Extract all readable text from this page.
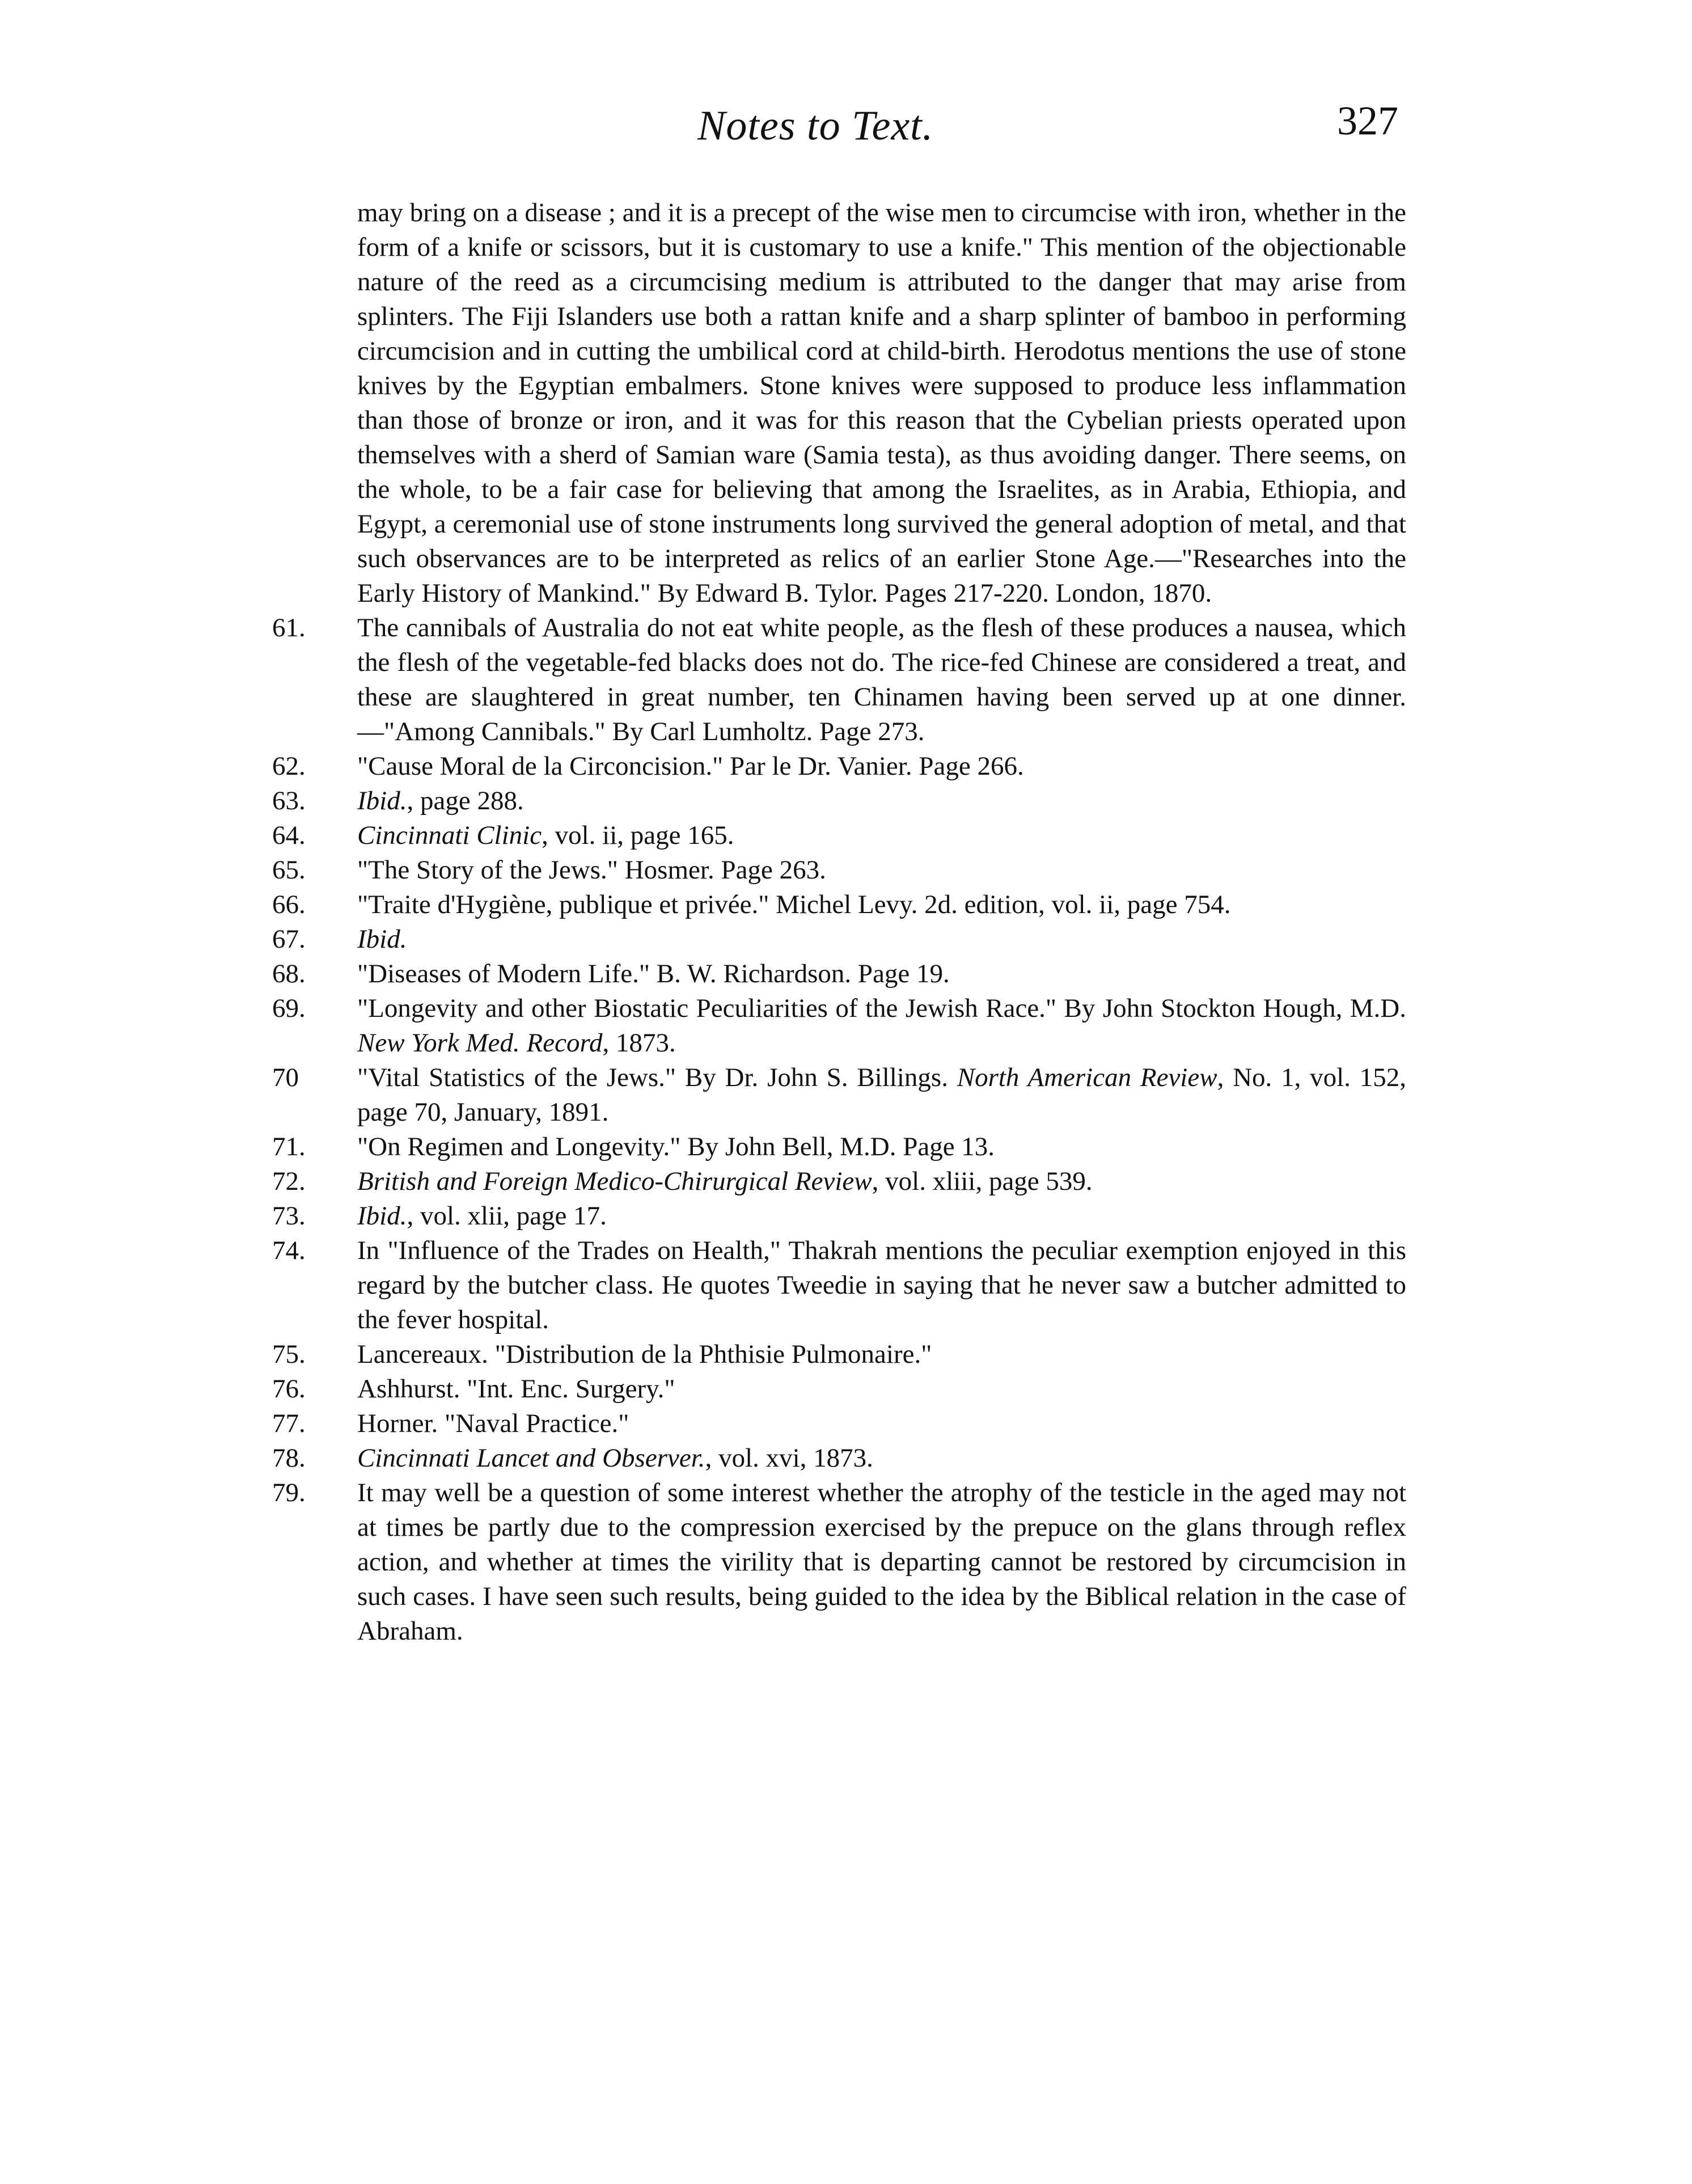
Notes to Text.	327

may bring on a disease ; and it is a precept of the wise men to circumcise with iron, whether in the form of a knife or scissors, but it is customary to use a knife." This mention of the objectionable nature of the reed as a circumcising medium is attributed to the danger that may arise from splinters. The Fiji Islanders use both a rattan knife and a sharp splinter of bamboo in performing circumcision and in cutting the umbilical cord at child-birth. Herodotus mentions the use of stone knives by the Egyptian embalmers. Stone knives were supposed to produce less inflammation than those of bronze or iron, and it was for this reason that the Cybelian priests operated upon themselves with a sherd of Samian ware (Samia testa), as thus avoiding danger. There seems, on the whole, to be a fair case for believing that among the Israelites, as in Arabia, Ethiopia, and Egypt, a ceremonial use of stone instruments long survived the general adoption of metal, and that such observances are to be interpreted as relics of an earlier Stone Age.—"Researches into the Early History of Mankind." By Edward B. Tylor. Pages 217-220. London, 1870.

61.	The cannibals of Australia do not eat white people, as the flesh of these produces a nausea, which the flesh of the vegetable-fed blacks does not do. The rice-fed Chinese are considered a treat, and these are slaughtered in great number, ten Chinamen having been served up at one dinner.—"Among Cannibals." By Carl Lumholtz. Page 273.
62.	"Cause Moral de la Circoncision." Par le Dr. Vanier. Page 266.
63.	Ibid., page 288.
64.	Cincinnati Clinic, vol. ii, page 165.
65.	"The Story of the Jews." Hosmer. Page 263.
66.	"Traite d'Hygiène, publique et privée." Michel Levy. 2d. edition, vol. ii, page 754.
67.	Ibid.
68.	"Diseases of Modern Life." B. W. Richardson. Page 19.
69.	"Longevity and other Biostatic Peculiarities of the Jewish Race." By John Stockton Hough, M.D. New York Med. Record, 1873.
70	"Vital Statistics of the Jews." By Dr. John S. Billings. North American Review, No. 1, vol. 152, page 70, January, 1891.
71.	"On Regimen and Longevity." By John Bell, M.D. Page 13.
72.	British and Foreign Medico-Chirurgical Review, vol. xliii, page 539.
73.	Ibid., vol. xlii, page 17.
74.	In "Influence of the Trades on Health," Thakrah mentions the peculiar exemption enjoyed in this regard by the butcher class. He quotes Tweedie in saying that he never saw a butcher admitted to the fever hospital.
75.	Lancereaux. "Distribution de la Phthisie Pulmonaire."
76.	Ashhurst. "Int. Enc. Surgery."
77.	Horner. "Naval Practice."
78.	Cincinnati Lancet and Observer., vol. xvi, 1873.
79.	It may well be a question of some interest whether the atrophy of the testicle in the aged may not at times be partly due to the compression exercised by the prepuce on the glans through reflex action, and whether at times the virility that is departing cannot be restored by circumcision in such cases. I have seen such results, being guided to the idea by the Biblical relation in the case of Abraham.
